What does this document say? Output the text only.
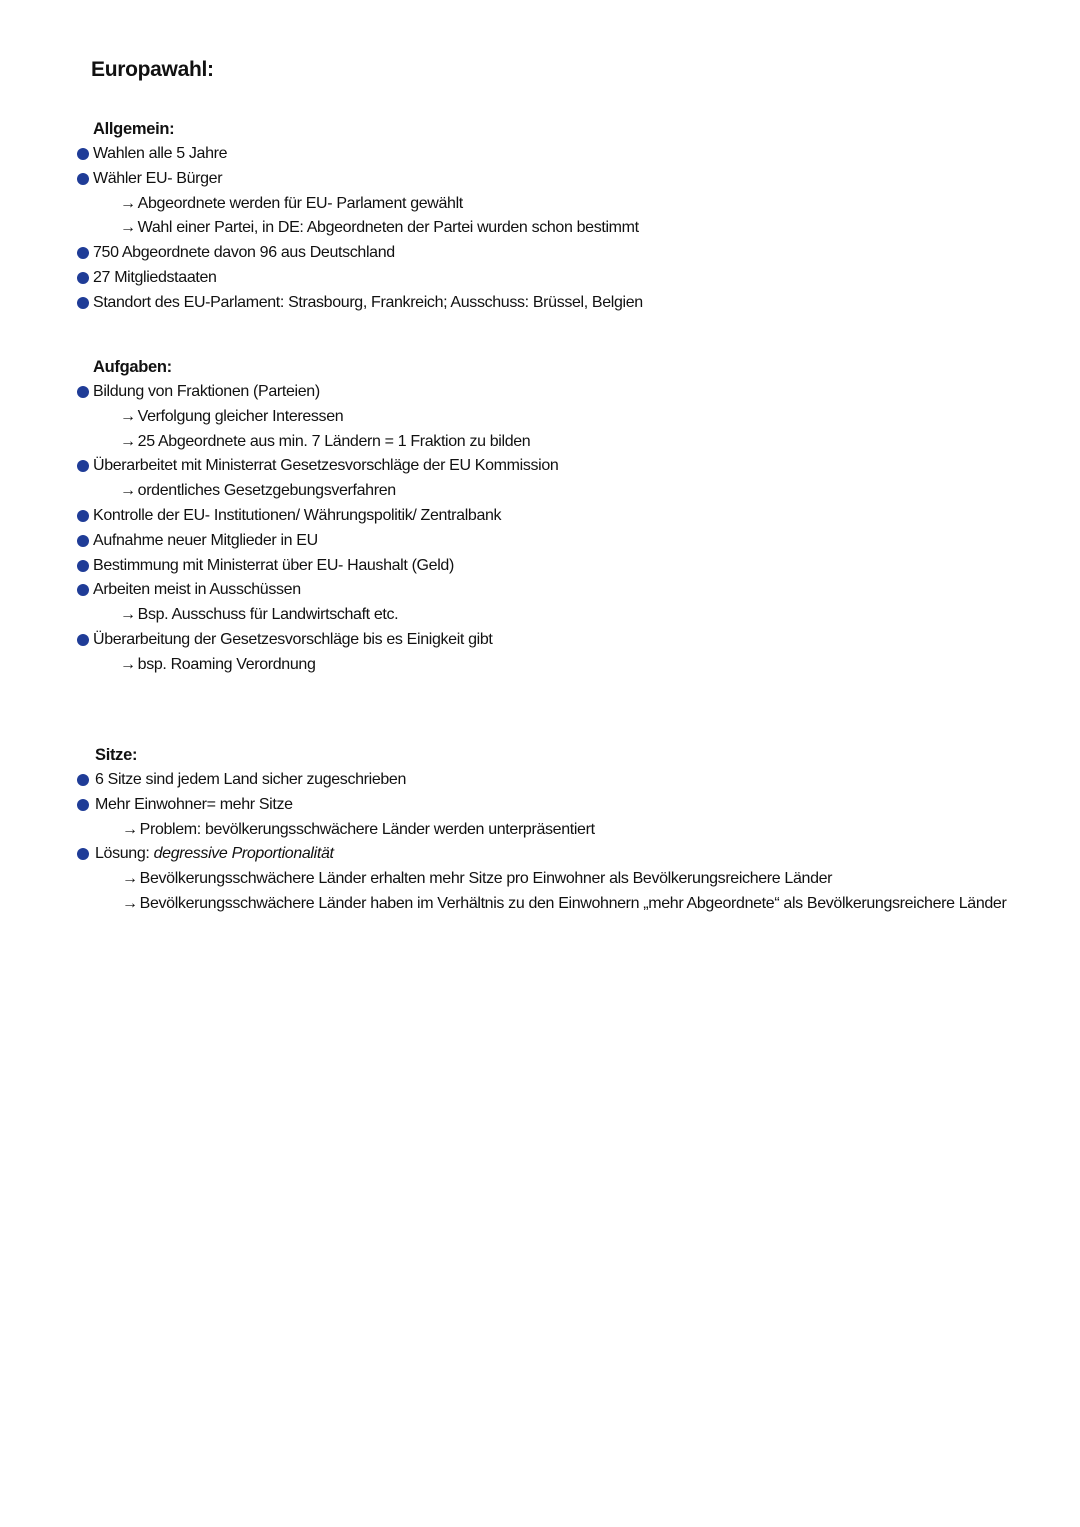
Europawahl:
Allgemein:
Wahlen alle 5 Jahre
Wähler EU- Bürger
→ Abgeordnete werden für EU- Parlament gewählt
→ Wahl einer Partei, in DE: Abgeordneten der Partei wurden schon bestimmt
750 Abgeordnete davon 96 aus Deutschland
27 Mitgliedstaaten
Standort des EU-Parlament: Strasbourg, Frankreich; Ausschuss: Brüssel, Belgien
Aufgaben:
Bildung von Fraktionen (Parteien)
→ Verfolgung gleicher Interessen
→ 25 Abgeordnete aus min. 7 Ländern = 1 Fraktion zu bilden
Überarbeitet mit Ministerrat Gesetzesvorschläge der EU Kommission
→ ordentliches Gesetzgebungsverfahren
Kontrolle der EU- Institutionen/ Währungspolitik/ Zentralbank
Aufnahme neuer Mitglieder in EU
Bestimmung mit Ministerrat über EU- Haushalt (Geld)
Arbeiten meist in Ausschüssen
→ Bsp. Ausschuss für Landwirtschaft etc.
Überarbeitung der Gesetzesvorschläge bis es Einigkeit gibt
→ bsp. Roaming Verordnung
Sitze:
6 Sitze sind jedem Land sicher zugeschrieben
Mehr Einwohner= mehr Sitze
→ Problem: bevölkerungsschwächere Länder werden unterpräsentiert
Lösung: degressive Proportionalität
→ Bevölkerungsschwächere Länder erhalten mehr Sitze pro Einwohner als Bevölkerungsreichere Länder
→ Bevölkerungsschwächere Länder haben im Verhältnis zu den Einwohnern „mehr Abgeordnete“ als Bevölkerungsreichere Länder
